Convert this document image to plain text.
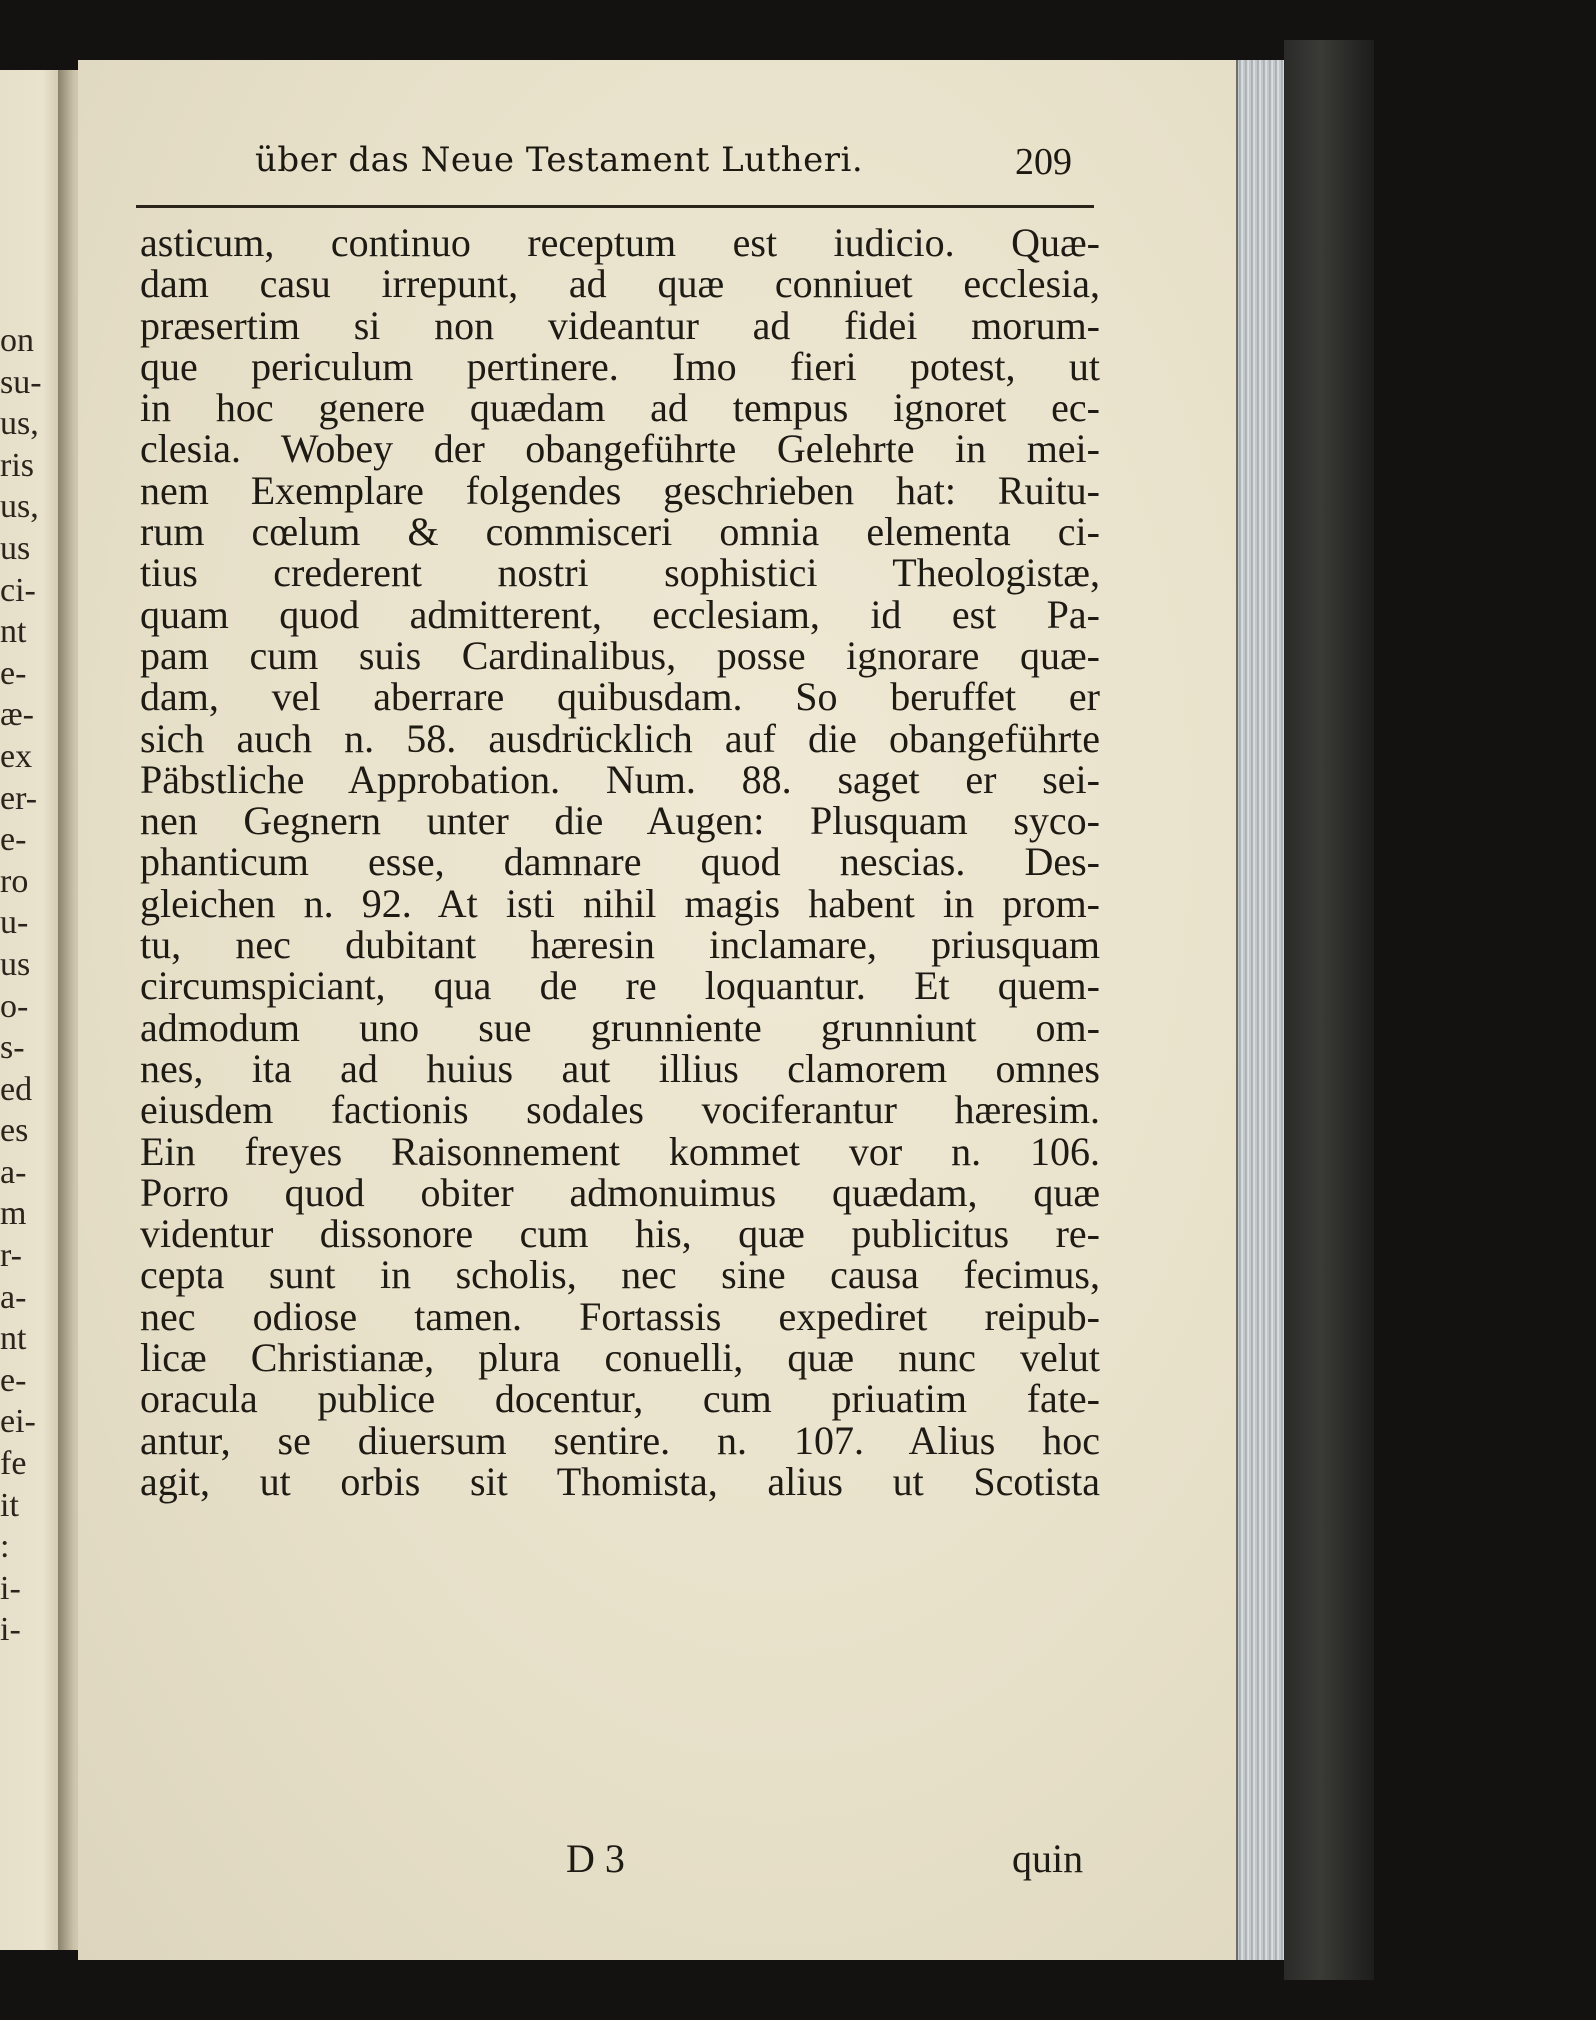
on
su-
us,
ris
us,
us
ci-
nt
e-
æ-
ex
er-
e-
ro
u-
us
o-
s-
ed
es
a-
m
r-
a-
nt
e-
ei-
fe
it
:
i-
i-
über das Neue Testament Lutheri.	209
asticum, continuo receptum est iudicio. Quæ-
dam casu irrepunt, ad quæ conniuet ecclesia,
præsertim si non videantur ad fidei morum-
que periculum pertinere. Imo fieri potest, ut
in hoc genere quædam ad tempus ignoret ec-
clesia. Wobey der obangeführte Gelehrte in mei-
nem Exemplare folgendes geschrieben hat: Ruitu-
rum cœlum & commisceri omnia elementa ci-
tius crederent nostri sophistici Theologistæ,
quam quod admitterent, ecclesiam, id est Pa-
pam cum suis Cardinalibus, posse ignorare quæ-
dam, vel aberrare quibusdam. So beruffet er
sich auch n. 58. ausdrücklich auf die obangeführte
Päbstliche Approbation. Num. 88. saget er sei-
nen Gegnern unter die Augen: Plusquam syco-
phanticum esse, damnare quod nescias. Des-
gleichen n. 92. At isti nihil magis habent in prom-
tu, nec dubitant hæresin inclamare, priusquam
circumspiciant, qua de re loquantur. Et quem-
admodum uno sue grunniente grunniunt om-
nes, ita ad huius aut illius clamorem omnes
eiusdem factionis sodales vociferantur hæresim.
Ein freyes Raisonnement kommet vor n. 106.
Porro quod obiter admonuimus quædam, quæ
videntur dissonore cum his, quæ publicitus re-
cepta sunt in scholis, nec sine causa fecimus,
nec odiose tamen. Fortassis expediret reipub-
licæ Christianæ, plura conuelli, quæ nunc velut
oracula publice docentur, cum priuatim fate-
antur, se diuersum sentire. n. 107. Alius hoc
agit, ut orbis sit Thomista, alius ut Scotista
D 3	quin
